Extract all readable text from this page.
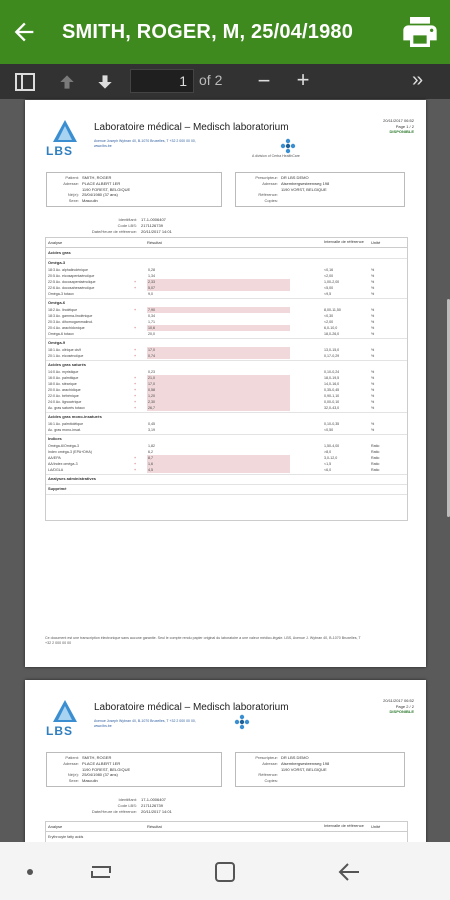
SMITH, ROGER, M, 25/04/1980
1 of 2 − +	»
LBS
Laboratoire médical – Medisch laboratorium
Avenue Joseph Wybran 40, B-1070 Bruxelles, T +32 2 000 00 00, www.lbs.be
A division of Cerba HealthCare
20/11/2017 06:52
Page 1 / 2
DISPONIBLE
Patient: SMITH, ROGER
Adresse: PLACE ALBERT 1ER
1190 FOREST, BELGIQUE
Né(e): 25/04/1980 (37 ans)
Sexe: Masculin
Prescripteur: DR LBS DEMO
Adresse: Alsembergsesteenweg 198
1190 VORST, BELGIQUE
Référence:
Copies:
Identifiant: 17-1-0006407
Code LBS: 2171126739
Date/Heure de référence: 20/11/2017 14:01
Analyse	Résultat	Intervalle de référence Unité
Acides gras
Oméga-3
18:3 Ac. alphalinolénique	0,28	<0,16	%
20:5 Ac. eicosapentaénoïque	1,34	<2,00	%
22:5 Ac. docosapentaénoïque	+	2,33	1,00-2,00	%
22:6 Ac. docosahexaénoïque	+	5,07	<5,00	%
Oméga-3 totaux	9,0	<9,5	%
Oméga-6
18:2 Ac. linoléique	+	7,90	8,00-11,50	%
18:3 Ac. gamma-linolénique	0,34	<0,30	%
20:3 Ac. dihomogammalinol.	1,71	<2,00	%
20:4 Ac. arachidonique	+	10,6	6,0-10,0	%
Oméga-6 totaux	20,0	18,0-26,0	%
Oméga-9
18:1 Ac. oléique cis9	+	17,0	13,0-15,0	%
20:1 Ac. eicosénoïque	+	0,74	0,17-0,29	%
Acides gras saturés
14:0 Ac. myristique	0,23	0,10-0,24	%
16:0 Ac. palmitique	+	21,0	18,0-19,5	%
18:0 Ac. stéarique	+	17,0	14,0-16,0	%
20:0 Ac. arachidique	+	0,58	0,35-0,45	%
22:0 Ac. béhénique	+	1,20	0,90-1,10	%
24:0 Ac. lignocérique	+	2,30	0,00-0,10	%
Ac. gras saturés totaux	+	26,7	32,0-43,0	%
Acides gras mono-insaturés
16:1 Ac. palmitoléique	0,45	0,10-0,35	%
Ac. gras mono-insat.	3,19	<0,50	%
Indices
Oméga-6/Oméga-3	1,82	1,50-4,00	Ratio
Index oméga-3 (EPA+DHA)	6,2	>8,0	Ratio
AA/EPA	+	8,7	3,0-12,0	Ratio
AA/index oméga-3	+	1,6	<1,5	Ratio
LA/DGLA	+	4,5	<6,0	Ratio
Analyses administratives
Supprimé
Ce document est une transcription électronique sans aucune garantie. Seul le compte rendu papier original du laboratoire a une valeur médico-légale. LBS, Avenue J. Wybran 40, B-1070 Bruxelles, T +32 2 000 00 00
LBS
Laboratoire médical – Medisch laboratorium
Avenue Joseph Wybran 40, B-1070 Bruxelles, T +32 2 000 00 00, www.lbs.be
20/11/2017 06:52
Page 2 / 2
DISPONIBLE
Patient: SMITH, ROGER
Adresse: PLACE ALBERT 1ER
1190 FOREST, BELGIQUE
Né(e): 25/04/1980 (37 ans)
Sexe: Masculin
Prescripteur: DR LBS DEMO
Adresse: Alsembergsesteenweg 198
1190 VORST, BELGIQUE
Référence:
Copies:
Identifiant: 17-1-0006407
Code LBS: 2171126739
Date/Heure de référence: 20/11/2017 14:01
Analyse	Résultat	Intervalle de référence Unité
Erythrocyte fatty acids
